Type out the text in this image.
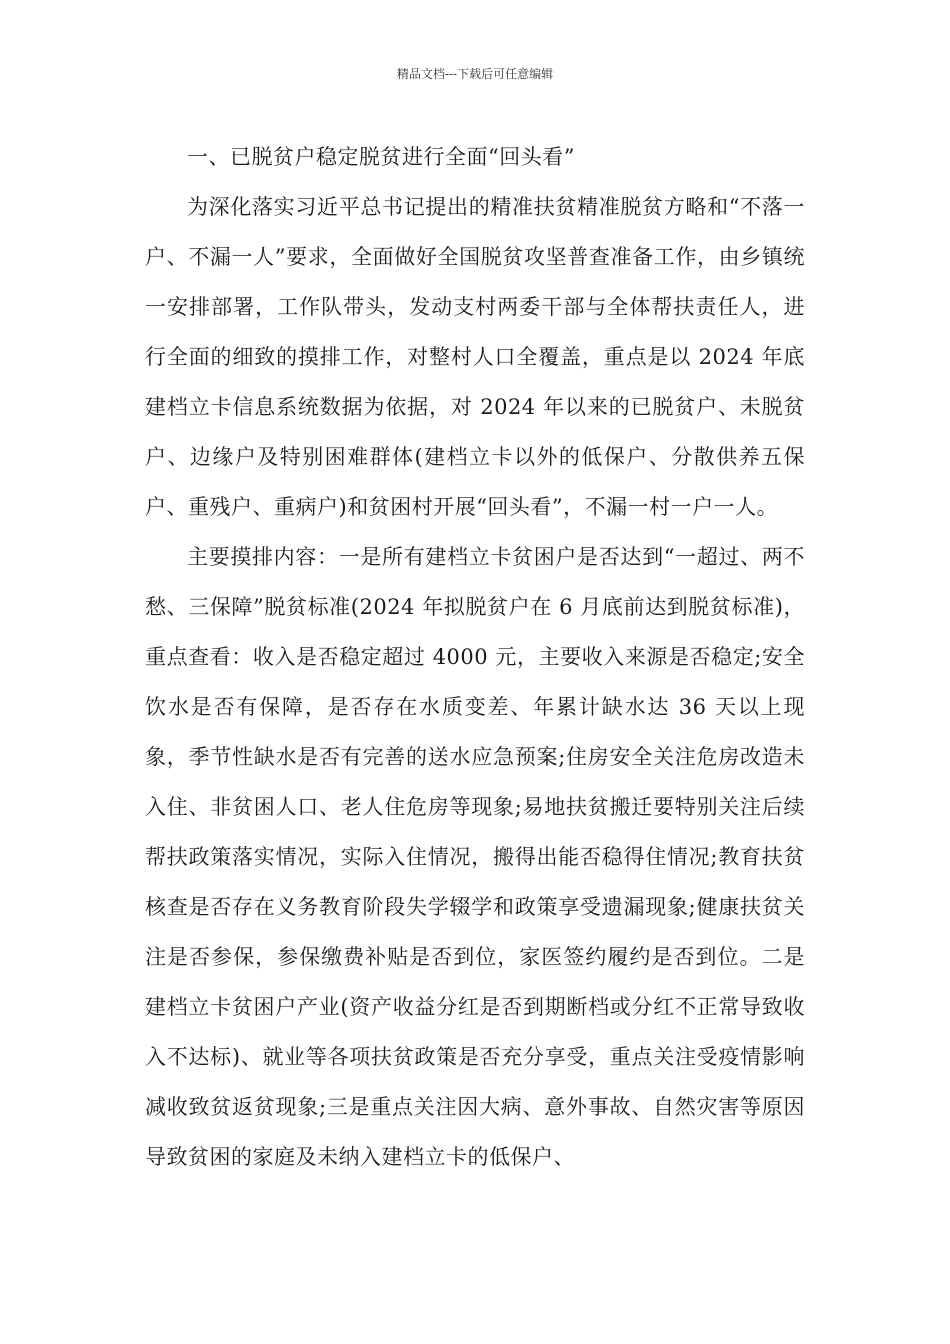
精品文档---下载后可任意编辑

一、已脱贫户稳定脱贫进行全面“回头看”

为深化落实习近平总书记提出的精准扶贫精准脱贫方略和“不落一户、不漏一人”要求，全面做好全国脱贫攻坚普查准备工作，由乡镇统一安排部署，工作队带头，发动支村两委干部与全体帮扶责任人，进行全面的细致的摸排工作，对整村人口全覆盖，重点是以 2024 年底建档立卡信息系统数据为依据，对 2024 年以来的已脱贫户、未脱贫户、边缘户及特别困难群体(建档立卡以外的低保户、分散供养五保户、重残户、重病户)和贫困村开展“回头看”，不漏一村一户一人。

主要摸排内容：一是所有建档立卡贫困户是否达到“一超过、两不愁、三保障”脱贫标准(2024 年拟脱贫户在 6 月底前达到脱贫标准)，重点查看：收入是否稳定超过 4000 元，主要收入来源是否稳定;安全饮水是否有保障，是否存在水质变差、年累计缺水达 36 天以上现象，季节性缺水是否有完善的送水应急预案;住房安全关注危房改造未入住、非贫困人口、老人住危房等现象;易地扶贫搬迁要特别关注后续帮扶政策落实情况，实际入住情况，搬得出能否稳得住情况;教育扶贫核查是否存在义务教育阶段失学辍学和政策享受遗漏现象;健康扶贫关注是否参保，参保缴费补贴是否到位，家医签约履约是否到位。二是建档立卡贫困户产业(资产收益分红是否到期断档或分红不正常导致收入不达标)、就业等各项扶贫政策是否充分享受，重点关注受疫情影响减收致贫返贫现象;三是重点关注因大病、意外事故、自然灾害等原因导致贫困的家庭及未纳入建档立卡的低保户、
